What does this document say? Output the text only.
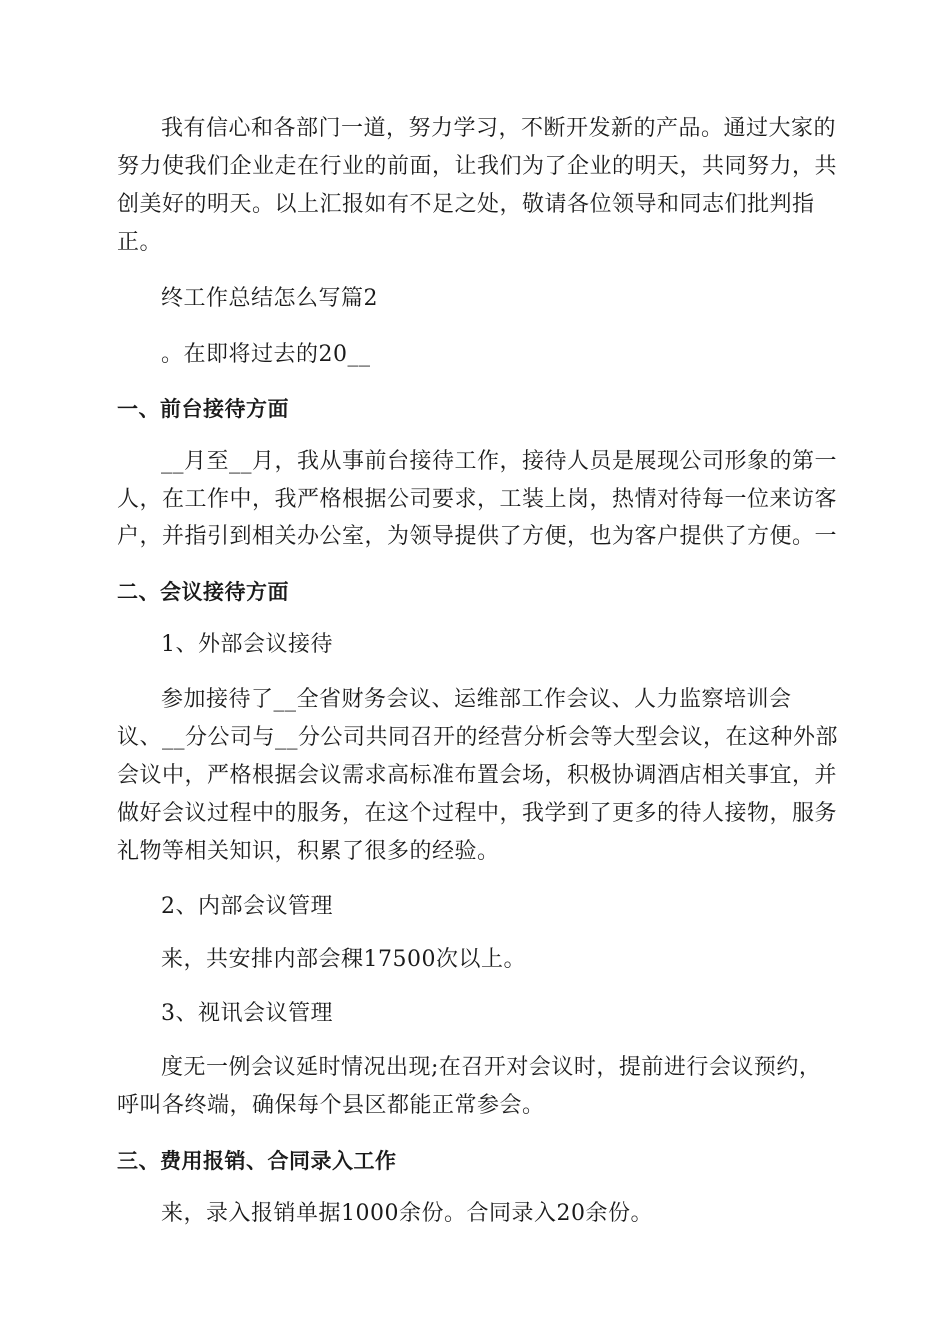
我有信心和各部门一道，努力学习，不断开发新的产品。通过大家的
努力使我们企业走在行业的前面，让我们为了企业的明天，共同努力，共
创美好的明天。以上汇报如有不足之处，敬请各位领导和同志们批判指
正。
终工作总结怎么写篇2
。在即将过去的20__
一、前台接待方面
__月至__月，我从事前台接待工作，接待人员是展现公司形象的第一
人，在工作中，我严格根据公司要求，工装上岗，热情对待每一位来访客
户，并指引到相关办公室，为领导提供了方便，也为客户提供了方便。一
二、会议接待方面
1、外部会议接待
参加接待了__全省财务会议、运维部工作会议、人力监察培训会
议、__分公司与__分公司共同召开的经营分析会等大型会议，在这种外部
会议中，严格根据会议需求高标准布置会场，积极协调酒店相关事宜，并
做好会议过程中的服务，在这个过程中，我学到了更多的待人接物，服务
礼物等相关知识，积累了很多的经验。
2、内部会议管理
来，共安排内部会稞17500次以上。
3、视讯会议管理
度无一例会议延时情况出现;在召开对会议时，提前进行会议预约，
呼叫各终端，确保每个县区都能正常参会。
三、费用报销、合同录入工作
来，录入报销单据1000余份。合同录入20余份。
